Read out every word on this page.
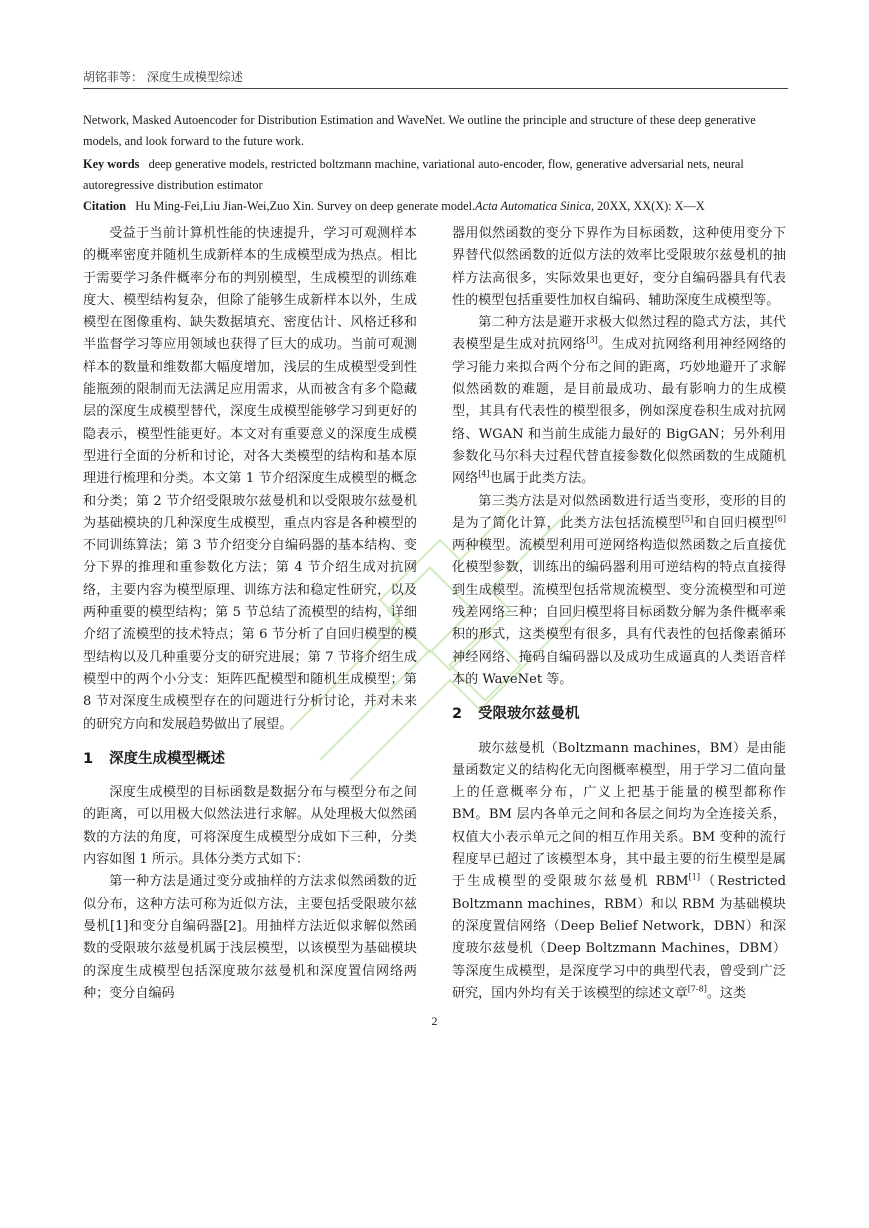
胡铭菲等： 深度生成模型综述

Network, Masked Autoencoder for Distribution Estimation and WaveNet. We outline the principle and structure of these deep generative models, and look forward to the future work.

Key words deep generative models, restricted boltzmann machine, variational auto-encoder, flow, generative adversarial nets, neural autoregressive distribution estimator

Citation Hu Ming-Fei,Liu Jian-Wei,Zuo Xin. Survey on deep generate model.Acta Automatica Sinica, 20XX, XX(X): X—X

受益于当前计算机性能的快速提升，学习可观测样本的概率密度并随机生成新样本的生成模型成为热点。相比于需要学习条件概率分布的判别模型，生成模型的训练难度大、模型结构复杂，但除了能够生成新样本以外，生成模型在图像重构、缺失数据填充、密度估计、风格迁移和半监督学习等应用领域也获得了巨大的成功。当前可观测样本的数量和维数都大幅度增加，浅层的生成模型受到性能瓶颈的限制而无法满足应用需求，从而被含有多个隐藏层的深度生成模型替代，深度生成模型能够学习到更好的隐表示，模型性能更好。本文对有重要意义的深度生成模型进行全面的分析和讨论，对各大类模型的结构和基本原理进行梳理和分类。本文第 1 节介绍深度生成模型的概念和分类；第 2 节介绍受限玻尔兹曼机和以受限玻尔兹曼机为基础模块的几种深度生成模型，重点内容是各种模型的不同训练算法；第 3 节介绍变分自编码器的基本结构、变分下界的推理和重参数化方法；第 4 节介绍生成对抗网络，主要内容为模型原理、训练方法和稳定性研究，以及两种重要的模型结构；第 5 节总结了流模型的结构，详细介绍了流模型的技术特点；第 6 节分析了自回归模型的模型结构以及几种重要分支的研究进展；第 7 节将介绍生成模型中的两个小分支：矩阵匹配模型和随机生成模型；第 8 节对深度生成模型存在的问题进行分析讨论，并对未来的研究方向和发展趋势做出了展望。

1 深度生成模型概述

深度生成模型的目标函数是数据分布与模型分布之间的距离，可以用极大似然法进行求解。从处理极大似然函数的方法的角度，可将深度生成模型分成如下三种，分类内容如图 1 所示。具体分类方式如下：

第一种方法是通过变分或抽样的方法求似然函数的近似分布，这种方法可称为近似方法，主要包括受限玻尔兹曼机[1]和变分自编码器[2]。用抽样方法近似求解似然函数的受限玻尔兹曼机属于浅层模型，以该模型为基础模块的深度生成模型包括深度玻尔兹曼机和深度置信网络两种；变分自编码

器用似然函数的变分下界作为目标函数，这种使用变分下界替代似然函数的近似方法的效率比受限玻尔兹曼机的抽样方法高很多，实际效果也更好，变分自编码器具有代表性的模型包括重要性加权自编码、辅助深度生成模型等。

第二种方法是避开求极大似然过程的隐式方法，其代表模型是生成对抗网络[3]。生成对抗网络利用神经网络的学习能力来拟合两个分布之间的距离，巧妙地避开了求解似然函数的难题，是目前最成功、最有影响力的生成模型，其具有代表性的模型很多，例如深度卷积生成对抗网络、WGAN 和当前生成能力最好的 BigGAN；另外利用参数化马尔科夫过程代替直接参数化似然函数的生成随机网络[4]也属于此类方法。

第三类方法是对似然函数进行适当变形，变形的目的是为了简化计算，此类方法包括流模型[5]和自回归模型[6]两种模型。流模型利用可逆网络构造似然函数之后直接优化模型参数，训练出的编码器利用可逆结构的特点直接得到生成模型。流模型包括常规流模型、变分流模型和可逆残差网络三种；自回归模型将目标函数分解为条件概率乘积的形式，这类模型有很多，具有代表性的包括像素循环神经网络、掩码自编码器以及成功生成逼真的人类语音样本的 WaveNet 等。

2 受限玻尔兹曼机

玻尔兹曼机（Boltzmann machines，BM）是由能量函数定义的结构化无向图概率模型，用于学习二值向量上的任意概率分布，广义上把基于能量的模型都称作 BM。BM 层内各单元之间和各层之间均为全连接关系，权值大小表示单元之间的相互作用关系。BM 变种的流行程度早已超过了该模型本身，其中最主要的衍生模型是属于生成模型的受限玻尔兹曼机 RBM[1]（Restricted Boltzmann machines，RBM）和以 RBM 为基础模块的深度置信网络（Deep Belief Network，DBN）和深度玻尔兹曼机（Deep Boltzmann Machines，DBM）等深度生成模型，是深度学习中的典型代表，曾受到广泛研究，国内外均有关于该模型的综述文章[7-8]。这类

2
